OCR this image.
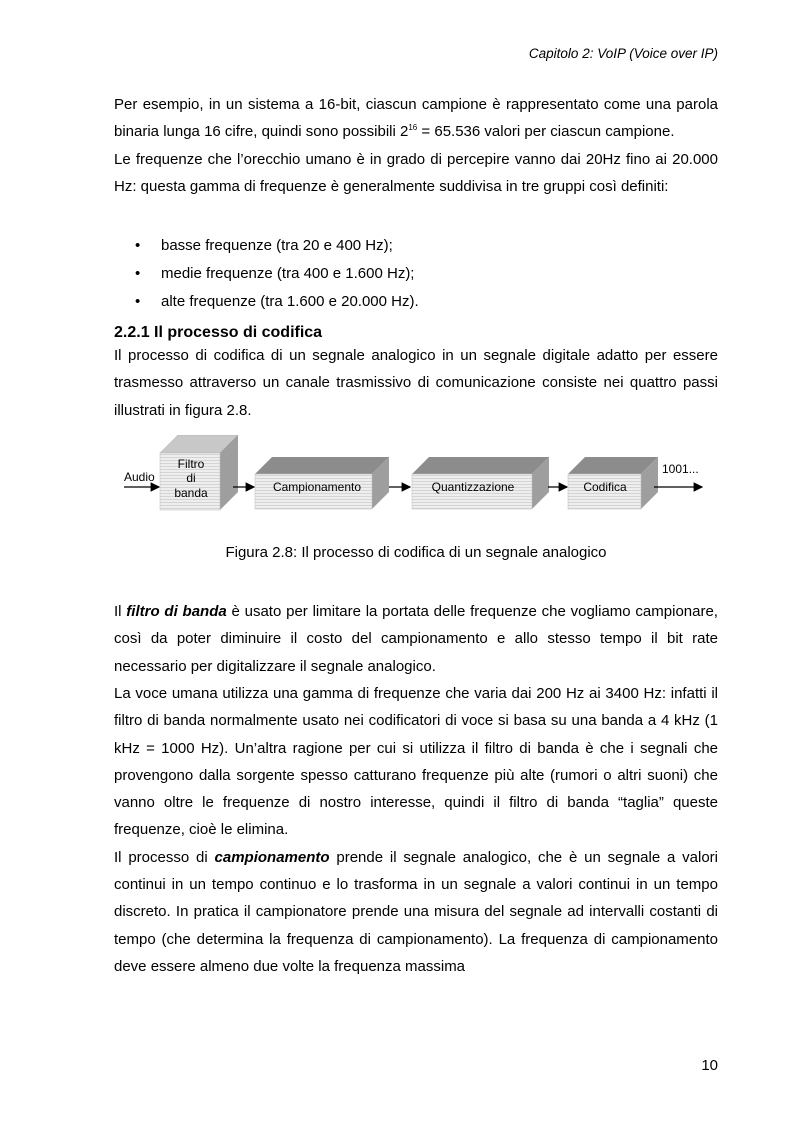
Capitolo 2: VoIP (Voice over IP)

Per esempio, in un sistema a 16-bit, ciascun campione è rappresentato come una parola binaria lunga 16 cifre, quindi sono possibili $2^{16} = 65.536$ valori per ciascun campione.

Le frequenze che l’orecchio umano è in grado di percepire vanno dai 20Hz fino ai 20.000 Hz: questa gamma di frequenze è generalmente suddivisa in tre gruppi così definiti:

• basse frequenze (tra 20 e 400 Hz);
• medie frequenze (tra 400 e 1.600 Hz);
• alte frequenze (tra 1.600 e 20.000 Hz).
2.2.1 Il processo di codifica

Il processo di codifica di un segnale analogico in un segnale digitale adatto per essere trasmesso attraverso un canale trasmissivo di comunicazione consiste nei quattro passi illustrati in figura 2.8.

Audio
Filtro
di
banda	Campionamento	Quantizzazione	Codifica
1001...
Figura 2.8: Il processo di codifica di un segnale analogico

Il filtro di banda è usato per limitare la portata delle frequenze che vogliamo campionare, così da poter diminuire il costo del campionamento e allo stesso tempo il bit rate necessario per digitalizzare il segnale analogico.

La voce umana utilizza una gamma di frequenze che varia dai 200 Hz ai 3400 Hz: infatti il filtro di banda normalmente usato nei codificatori di voce si basa su una banda a 4 kHz (1 kHz = 1000 Hz). Un’altra ragione per cui si utilizza il filtro di banda è che i segnali che provengono dalla sorgente spesso catturano frequenze più alte (rumori o altri suoni) che vanno oltre le frequenze di nostro interesse, quindi il filtro di banda “taglia” queste frequenze, cioè le elimina.

Il processo di campionamento prende il segnale analogico, che è un segnale a valori continui in un tempo continuo e lo trasforma in un segnale a valori continui in un tempo discreto. In pratica il campionatore prende una misura del segnale ad intervalli costanti di tempo (che determina la frequenza di campionamento). La frequenza di campionamento deve essere almeno due volte la frequenza massima

10
